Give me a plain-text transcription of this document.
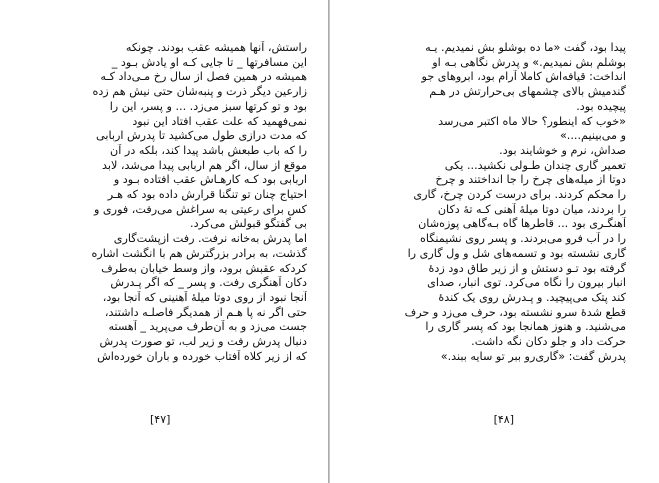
راستش، آنها همیشه عقب بودند. چونکه
این مسافرتها _ تا جایی کـه او یادش بـود _
همیشه در همین فصل از سال رخ مـی‌داد کـه
زارعین دیگر ذرت و پنبه‌شان حتی نیش هم زده
بود و تو کرتها سبز می‌زد. ... و پسر، این را
نمی‌فهمید که علت عقب افتاد این نبود
که مدت درازی طول می‌کشید تا پدرش اربابی
را که باب طبعش باشد پیدا کند، بلکه در آن
موقع از سال، اگر هم اربابی پیدا می‌شد، لابد
اربابی بود کـه کارهـاش عقب افتاده بـود و
احتیاج چنان تو تنگنا قرارش داده بود که هـر
کس برای رعیتی به سراغش می‌رفت، فوری و
بی گفتگو قبولش می‌کرد.
اما پدرش به‌خانه نرفت. رفت ازپشت‌گاری
گذشت، به برادر بزرگترش هم با انگشت اشاره
کردکه عقبش برود، واز وسط خیابان به‌طرف
دکان آهنگری رفت. و پسر _ که اگر پـدرش
آنجا نبود از روی دوتا میلهٔ آهنینی که آنجا بود،
حتی اگر نه پا هـم از همدیگر فاصلـه داشتند،
جست می‌زد و به آن‌طرف می‌پرید _ آهسته
دنبال پدرش رفت و زیر لب، تو صورت پدرش
که از زیر کلاه آفتاب خورده و باران خورده‌اش
[۴۷]
پیدا بود، گفت «ما ده بوشلو بش نمیدیم. یـه
بوشلم بش نمیدیم.» و پدرش نگاهی بـه او
انداخت: قیافه‌اش کاملا آرام بود، ابروهای جو
گندمیش بالای چشمهای بی‌حرارتش در هـم
پیچیده بود.
«خوب که اینطور؟ حالا ماه اکتبر می‌رسد
و می‌بینیم....»
صداش، نرم و خوشایند بود.
تعمیر گاری چندان طـولی نکشید... یکی
دوتا از میله‌های چرخ را جا انداختند و چرخ
را محکم کردند. برای درست کردن چرخ، گاری
را بردند، میان دوتا میلهٔ آهنی کـه تهٔ دکان
آهنگـری بود ... قاطرها گاه بـه‌گاهی پوزه‌شان
را در آب فرو می‌بردند. و پسر روی نشیمنگاه
گاری نشسته بود و تسمه‌های شل و ول گاری را
گرفته بود تـو دستش و از زیر طاق دود زدهٔ
انبار بیرون را نگاه می‌کرد. توی انبار، صدای
کند پتک می‌پیچید. و پـدرش روی یک کندهٔ
قطع شدهٔ سرو نشسته بود، حرف می‌زد و حرف
می‌شنید. و هنوز همانجا بود که پسر گاری را
حرکت داد و جلو دکان نگه داشت.
پدرش گفت: «گاری‌رو ببر تو سایه ببند.»
[۴۸]
